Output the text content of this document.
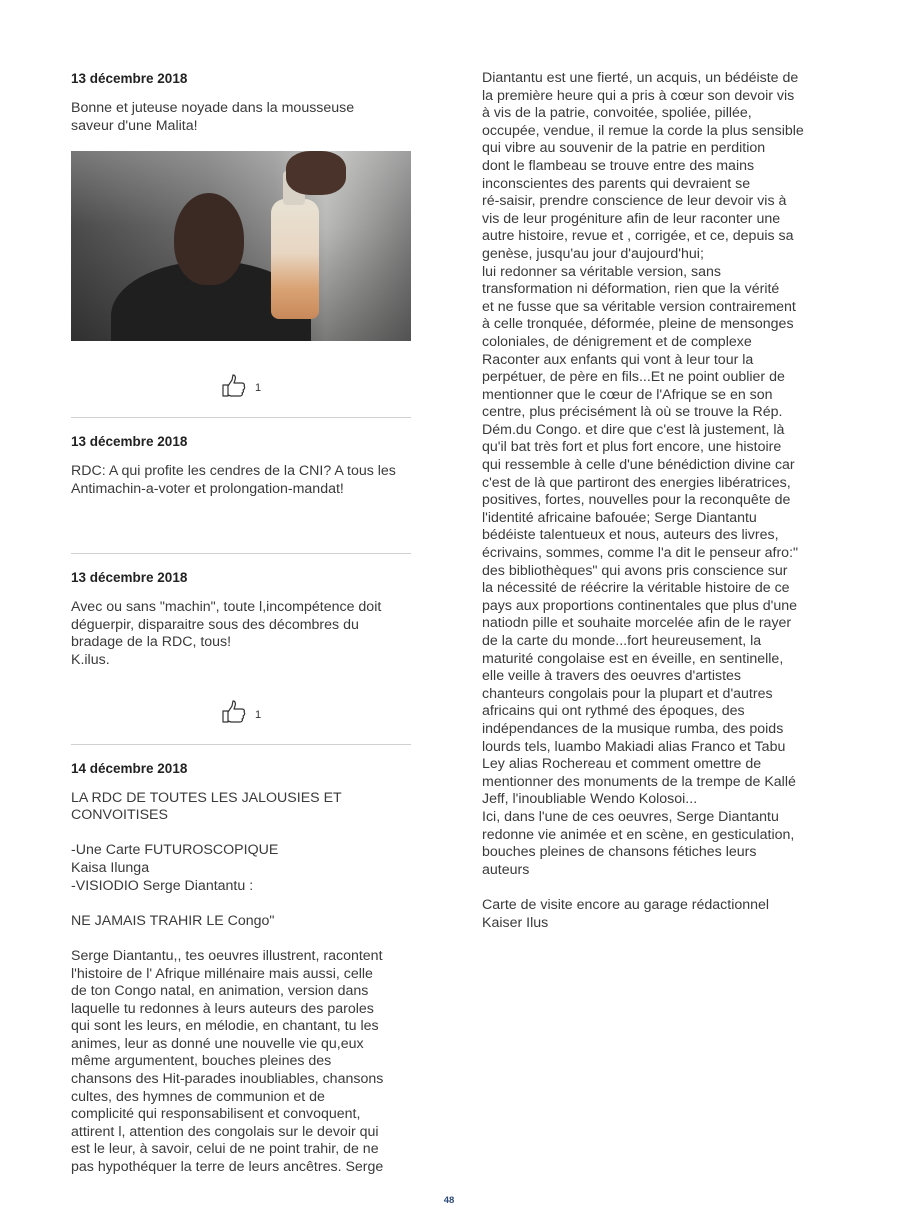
13 décembre 2018

Bonne et juteuse noyade dans la mousseuse
saveur d'une Malita!

1
13 décembre 2018

RDC: A qui profite les cendres de la CNI? A tous les
Antimachin-a-voter et prolongation-mandat!

13 décembre 2018

Avec ou sans "machin", toute l,incompétence doit
déguerpir, disparaitre sous des décombres du
bradage de la RDC, tous!
K.ilus.

1
14 décembre 2018

LA RDC DE TOUTES LES JALOUSIES ET
CONVOITISES

-Une Carte FUTUROSCOPIQUE
Kaisa Ilunga
-VISIODIO Serge Diantantu :

NE JAMAIS TRAHIR LE Congo"

Serge Diantantu,, tes oeuvres illustrent, racontent
l'histoire de l' Afrique millénaire mais aussi, celle
de ton Congo natal, en animation, version dans
laquelle tu redonnes à leurs auteurs des paroles
qui sont les leurs, en mélodie, en chantant, tu les
animes, leur as donné une nouvelle vie qu,eux
même argumentent, bouches pleines des
chansons des Hit-parades inoubliables, chansons
cultes, des hymnes de communion et de
complicité qui responsabilisent et convoquent,
attirent l, attention des congolais sur le devoir qui
est le leur, à savoir, celui de ne point trahir, de ne
pas hypothéquer la terre de leurs ancêtres. Serge

Diantantu est une fierté, un acquis, un bédéiste de
la première heure qui a pris à cœur son devoir vis
à vis de la patrie, convoitée, spoliée, pillée,
occupée, vendue, il remue la corde la plus sensible
qui vibre au souvenir de la patrie en perdition
dont le flambeau se trouve entre des mains
inconscientes des parents qui devraient se
ré-saisir, prendre conscience de leur devoir vis à
vis de leur progéniture afin de leur raconter une
autre histoire, revue et , corrigée, et ce, depuis sa
genèse, jusqu'au jour d'aujourd'hui;
lui redonner sa véritable version, sans
transformation ni déformation, rien que la vérité
et ne fusse que sa véritable version contrairement
à celle tronquée, déformée, pleine de mensonges
coloniales, de dénigrement et de complexe
Raconter aux enfants qui vont à leur tour la
perpétuer, de père en fils...Et ne point oublier de
mentionner que le cœur de l'Afrique se en son
centre, plus précisément là où se trouve la Rép.
Dém.du Congo. et dire que c'est là justement, là
qu'il bat très fort et plus fort encore, une histoire
qui ressemble à celle d'une bénédiction divine car
c'est de là que partiront des energies libératrices,
positives, fortes, nouvelles pour la reconquête de
l'identité africaine bafouée; Serge Diantantu
bédéiste talentueux et nous, auteurs des livres,
écrivains, sommes, comme l'a dit le penseur afro:"
des bibliothèques" qui avons pris conscience sur
la nécessité de réécrire la véritable histoire de ce
pays aux proportions continentales que plus d'une
natiodn pille et souhaite morcelée afin de le rayer
de la carte du monde...fort heureusement, la
maturité congolaise est en éveille, en sentinelle,
elle veille à travers des oeuvres d'artistes
chanteurs congolais pour la plupart et d'autres
africains qui ont rythmé des époques, des
indépendances de la musique rumba, des poids
lourds tels, luambo Makiadi alias Franco et Tabu
Ley alias Rochereau et comment omettre de
mentionner des monuments de la trempe de Kallé
Jeff, l'inoubliable Wendo Kolosoi...
Ici, dans l'une de ces oeuvres, Serge Diantantu
redonne vie animée et en scène, en gesticulation,
bouches pleines de chansons fétiches leurs
auteurs

Carte de visite encore au garage rédactionnel
Kaiser Ilus

48
